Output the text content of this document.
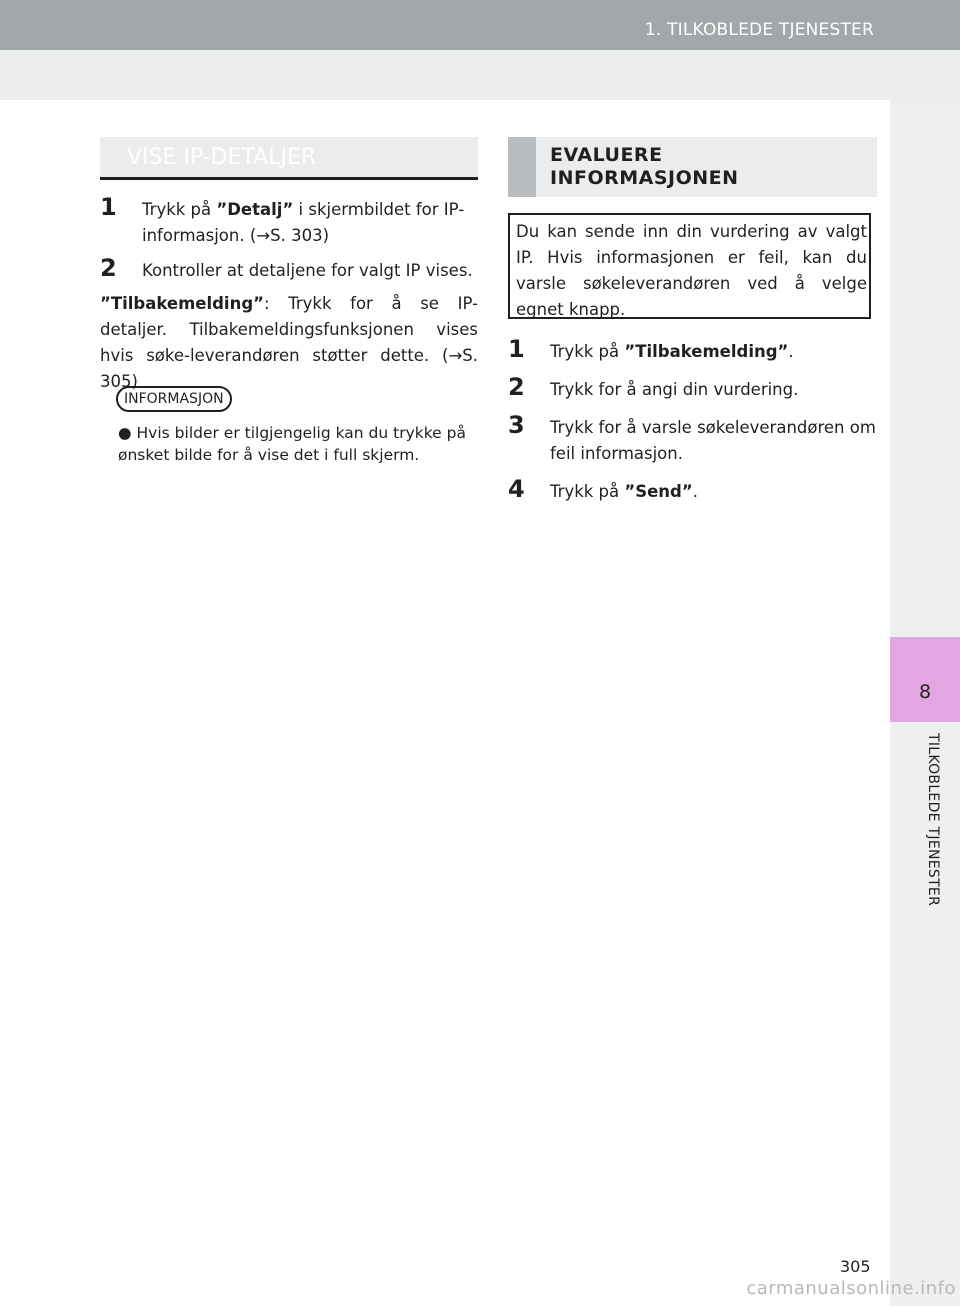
1. TILKOBLEDE TJENESTER
8
TILKOBLEDE TJENESTER
VISE IP-DETALJER
1	Trykk på ”Detalj” i skjermbildet for IP-informasjon. (→S. 303)
2	Kontroller at detaljene for valgt IP vises.
”Tilbakemelding”: Trykk for å se IP-detaljer. Tilbakemeldingsfunksjonen vises hvis søke-leverandøren støtter dette. (→S. 305)
INFORMASJON
● Hvis bilder er tilgjengelig kan du trykke på ønsket bilde for å vise det i full skjerm.
EVALUERE
INFORMASJONEN
Du kan sende inn din vurdering av valgt IP. Hvis informasjonen er feil, kan du varsle søkeleverandøren ved å velge egnet knapp.
1	Trykk på ”Tilbakemelding”.
2	Trykk for å angi din vurdering.
3	Trykk for å varsle søkeleverandøren om feil informasjon.
4	Trykk på ”Send”.
305
carmanualsonline.info
